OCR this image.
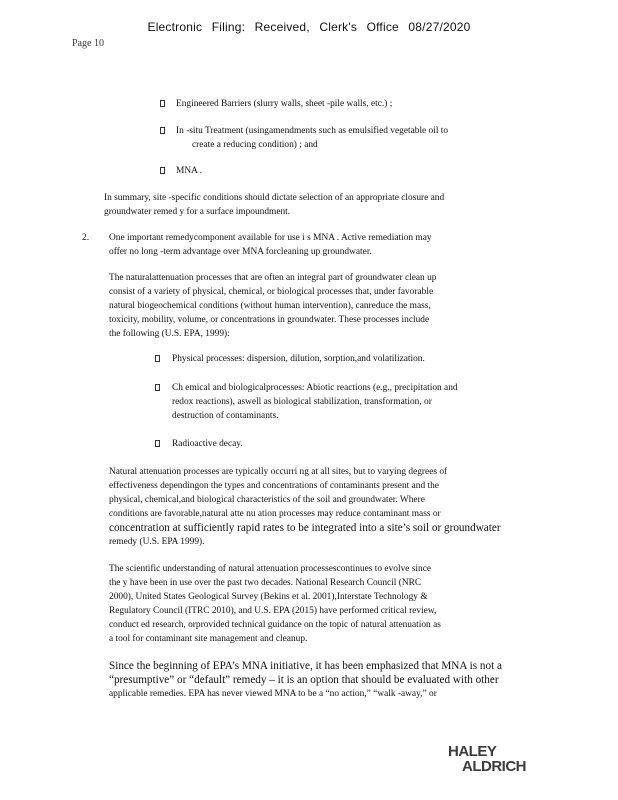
Electronic Filing: Received, Clerk's Office 08/27/2020
Page 10
Engineered Barriers (slurry walls, sheet -pile walls, etc.) ;
In -situ Treatment (usingamendments such as emulsified vegetable oil to
create a reducing condition) ; and
MNA .
In summary, site -specific conditions should dictate selection of an appropriate closure and
groundwater remed y for a surface impoundment.
2. One important remedycomponent available for use i s MNA . Active remediation may
offer no long -term advantage over MNA forcleaning up groundwater.
The naturalattenuation processes that are often an integral part of groundwater clean up
consist of a variety of physical, chemical, or biological processes that, under favorable
natural biogeochemical conditions (without human intervention), canreduce the mass,
toxicity, mobility, volume, or concentrations in groundwater. These processes include
the following (U.S. EPA, 1999):
Physical processes: dispersion, dilution, sorption,and volatilization.
Ch emical and biologicalprocesses: Abiotic reactions (e.g., precipitation and
redox reactions), aswell as biological stabilization, transformation, or
destruction of contaminants.
Radioactive decay.
Natural attenuation processes are typically occurri ng at all sites, but to varying degrees of
effectiveness dependingon the types and concentrations of contaminants present and the
physical, chemical,and biological characteristics of the soil and groundwater. Where
conditions are favorable,natural atte nu ation processes may reduce contaminant mass or
concentration at sufficiently rapid rates to be integrated into a site’s soil or groundwater
remedy (U.S. EPA 1999).
The scientific understanding of natural attenuation processescontinues to evolve since
the y have been in use over the past two decades. National Research Council (NRC
2000), United States Geological Survey (Bekins et al. 2001),Interstate Technology &
Regulatory Council (ITRC 2010), and U.S. EPA (2015) have performed critical review,
conduct ed research, orprovided technical guidance on the topic of natural attenuation as
a tool for contaminant site management and cleanup.
Since the beginning of EPA’s MNA initiative, it has been emphasized that MNA is not a
“presumptive” or “default” remedy – it is an option that should be evaluated with other
applicable remedies. EPA has never viewed MNA to be a “no action,” “walk -away,” or
HALEY
ALDRICH
